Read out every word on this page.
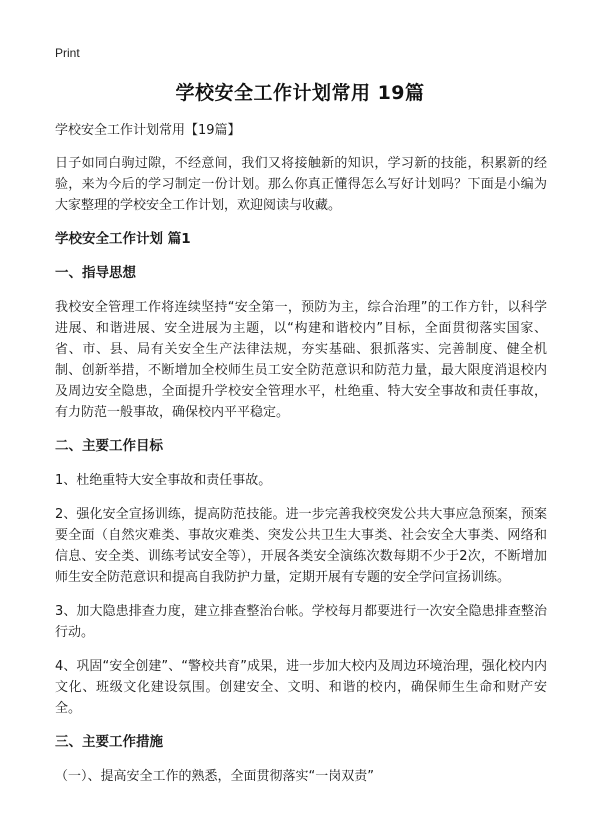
Print
学校安全工作计划常用 19篇
学校安全工作计划常用【19篇】
日子如同白驹过隙，不经意间，我们又将接触新的知识，学习新的技能，积累新的经验，来为今后的学习制定一份计划。那么你真正懂得怎么写好计划吗？下面是小编为大家整理的学校安全工作计划，欢迎阅读与收藏。
学校安全工作计划 篇1
一、指导思想
我校安全管理工作将连续坚持“安全第一，预防为主，综合治理”的工作方针，以科学进展、和谐进展、安全进展为主题，以“构建和谐校内”目标，全面贯彻落实国家、省、市、县、局有关安全生产法律法规，夯实基础、狠抓落实、完善制度、健全机制、创新举措，不断增加全校师生员工安全防范意识和防范力量，最大限度消退校内及周边安全隐患，全面提升学校安全管理水平，杜绝重、特大安全事故和责任事故，有力防范一般事故，确保校内平平稳定。
二、主要工作目标
1、杜绝重特大安全事故和责任事故。
2、强化安全宣扬训练，提高防范技能。进一步完善我校突发公共大事应急预案，预案要全面（自然灾难类、事故灾难类、突发公共卫生大事类、社会安全大事类、网络和信息、安全类、训练考试安全等），开展各类安全演练次数每期不少于2次，不断增加师生安全防范意识和提高自我防护力量，定期开展有专题的安全学问宣扬训练。
3、加大隐患排查力度，建立排查整治台帐。学校每月都要进行一次安全隐患排查整治行动。
4、巩固“安全创建”、“警校共育”成果，进一步加大校内及周边环境治理，强化校内内文化、班级文化建设氛围。创建安全、文明、和谐的校内，确保师生生命和财产安全。
三、主要工作措施
（一）、提高安全工作的熟悉，全面贯彻落实“一岗双责”
